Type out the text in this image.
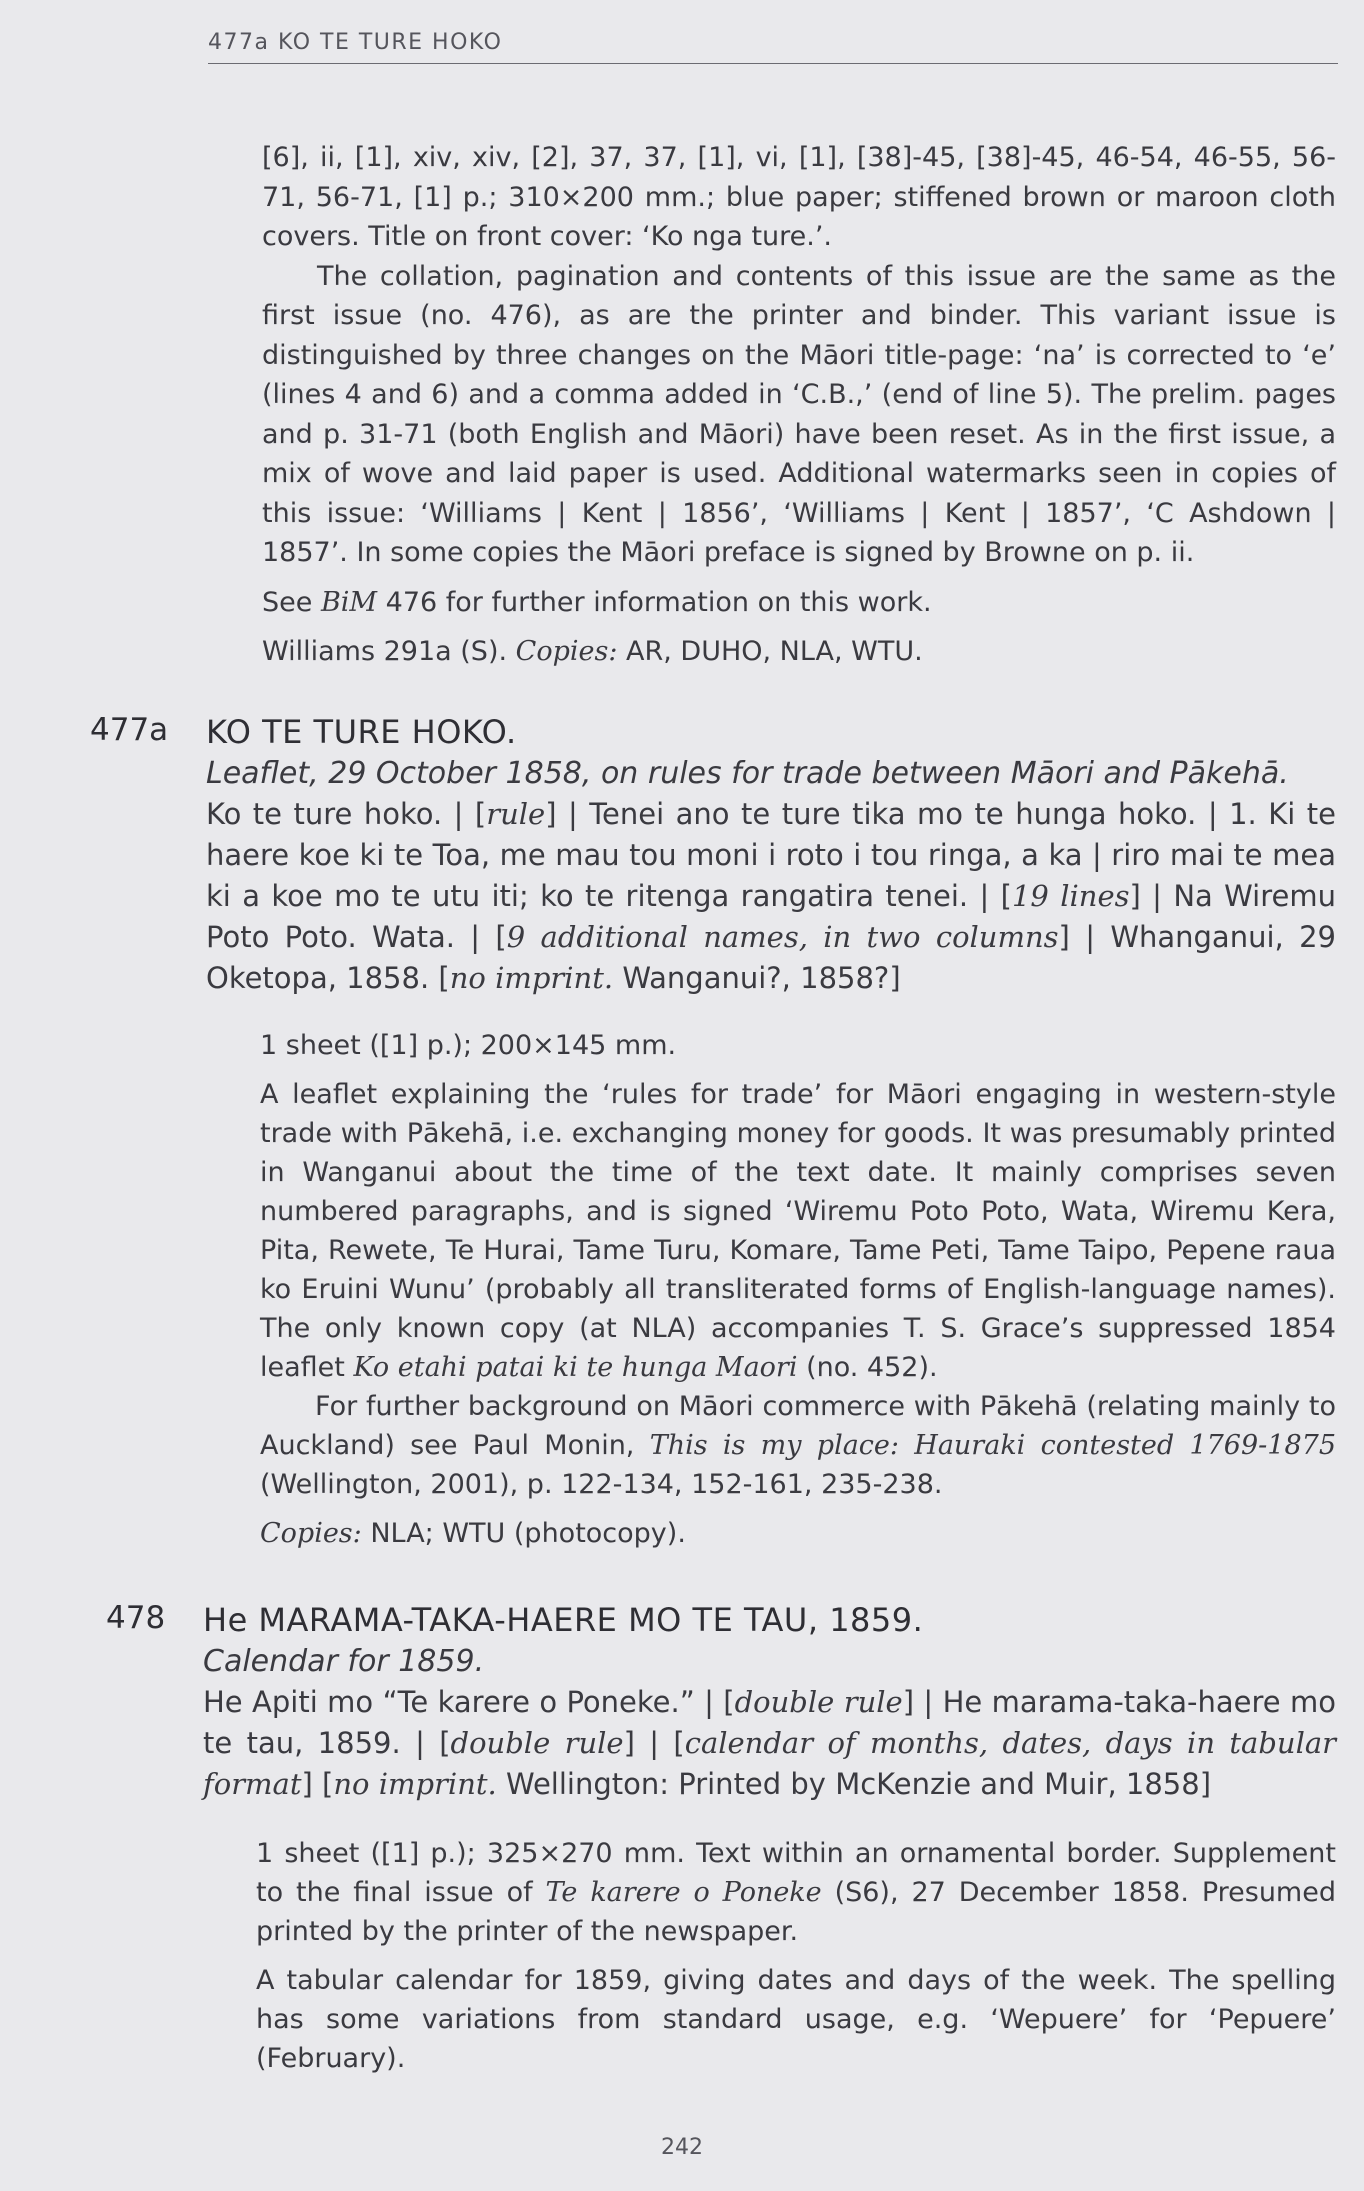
477a KO TE TURE HOKO

[6], ii, [1], xiv, xiv, [2], 37, 37, [1], vi, [1], [38]-45, [38]-45, 46-54, 46-55, 56-71, 56-71, [1] p.; 310×200 mm.; blue paper; stiffened brown or maroon cloth covers. Title on front cover: ‘Ko nga ture.’.

The collation, pagination and contents of this issue are the same as the first issue (no. 476), as are the printer and binder. This variant issue is distinguished by three changes on the Māori title-page: ‘na’ is corrected to ‘e’ (lines 4 and 6) and a comma added in ‘C.B.,’ (end of line 5). The prelim. pages and p. 31-71 (both English and Māori) have been reset. As in the first issue, a mix of wove and laid paper is used. Additional watermarks seen in copies of this issue: ‘Williams | Kent | 1856’, ‘Williams | Kent | 1857’, ‘C Ashdown | 1857’. In some copies the Māori preface is signed by Browne on p. ii.

See BiM 476 for further information on this work.

Williams 291a (S). Copies: AR, DUHO, NLA, WTU.

477a KO TE TURE HOKO.

Leaflet, 29 October 1858, on rules for trade between Māori and Pākehā.

Ko te ture hoko. | [rule] | Tenei ano te ture tika mo te hunga hoko. | 1. Ki te haere koe ki te Toa, me mau tou moni i roto i tou ringa, a ka | riro mai te mea ki a koe mo te utu iti; ko te ritenga rangatira tenei. | [19 lines] | Na Wiremu Poto Poto. Wata. | [9 additional names, in two columns] | Whanganui, 29 Oketopa, 1858. [no imprint. Wanganui?, 1858?]

1 sheet ([1] p.); 200×145 mm.

A leaflet explaining the ‘rules for trade’ for Māori engaging in western-style trade with Pākehā, i.e. exchanging money for goods. It was presumably printed in Wanganui about the time of the text date. It mainly comprises seven numbered paragraphs, and is signed ‘Wiremu Poto Poto, Wata, Wiremu Kera, Pita, Rewete, Te Hurai, Tame Turu, Komare, Tame Peti, Tame Taipo, Pepene raua ko Eruini Wunu’ (probably all transliterated forms of English-language names). The only known copy (at NLA) accompanies T. S. Grace’s suppressed 1854 leaflet Ko etahi patai ki te hunga Maori (no. 452).

For further background on Māori commerce with Pākehā (relating mainly to Auckland) see Paul Monin, This is my place: Hauraki contested 1769-1875 (Wellington, 2001), p. 122-134, 152-161, 235-238.

Copies: NLA; WTU (photocopy).

478 He MARAMA-TAKA-HAERE MO TE TAU, 1859.

Calendar for 1859.

He Apiti mo “Te karere o Poneke.” | [double rule] | He marama-taka-haere mo te tau, 1859. | [double rule] | [calendar of months, dates, days in tabular format] [no imprint. Wellington: Printed by McKenzie and Muir, 1858]

1 sheet ([1] p.); 325×270 mm. Text within an ornamental border. Supplement to the final issue of Te karere o Poneke (S6), 27 December 1858. Presumed printed by the printer of the newspaper.

A tabular calendar for 1859, giving dates and days of the week. The spelling has some variations from standard usage, e.g. ‘Wepuere’ for ‘Pepuere’ (February).

242
